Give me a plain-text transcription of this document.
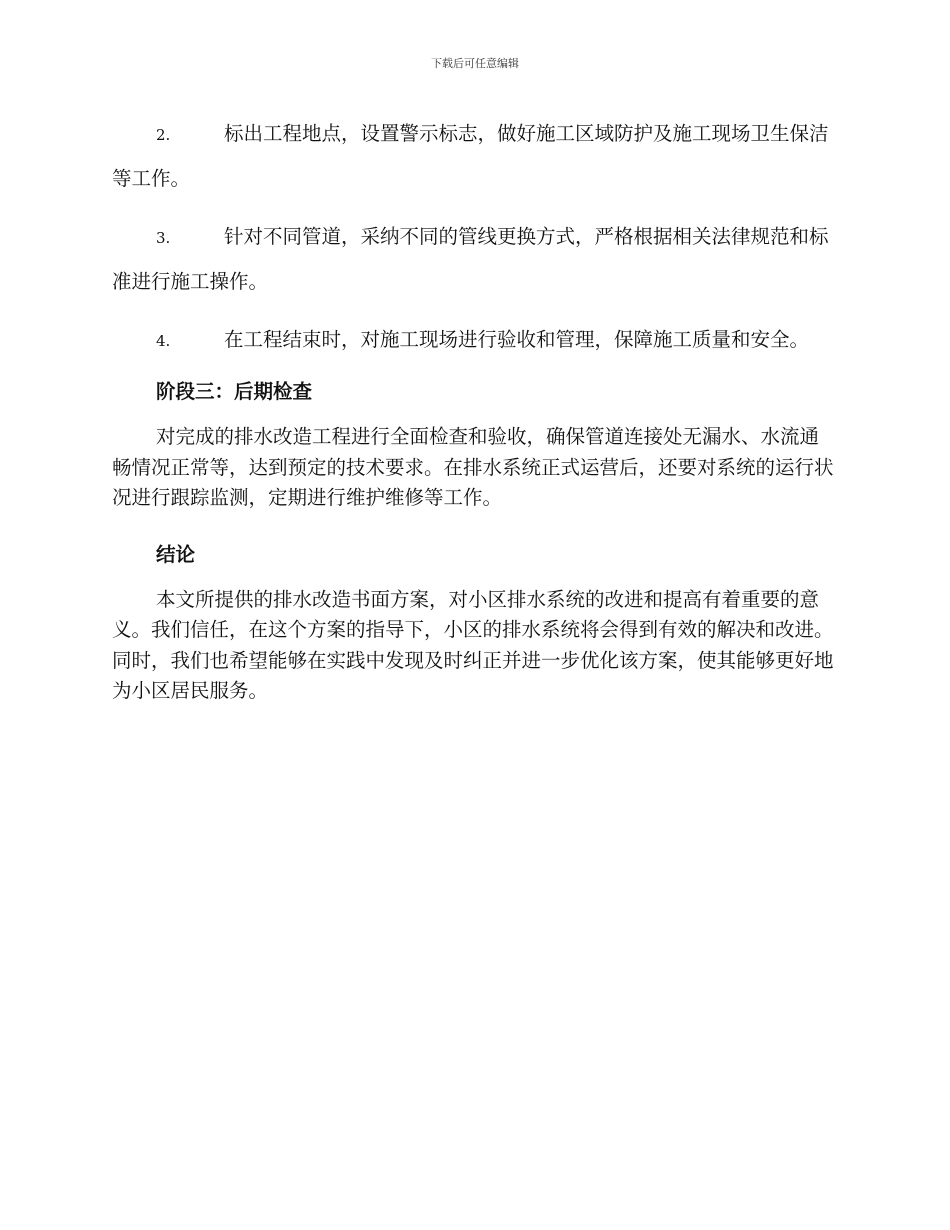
下载后可任意编辑
2.	标出工程地点，设置警示标志，做好施工区域防护及施工现场卫生保洁等工作。
3.	针对不同管道，采纳不同的管线更换方式，严格根据相关法律规范和标准进行施工操作。
4.	在工程结束时，对施工现场进行验收和管理，保障施工质量和安全。
阶段三：后期检查
对完成的排水改造工程进行全面检查和验收，确保管道连接处无漏水、水流通畅情况正常等，达到预定的技术要求。在排水系统正式运营后，还要对系统的运行状况进行跟踪监测，定期进行维护维修等工作。
结论
本文所提供的排水改造书面方案，对小区排水系统的改进和提高有着重要的意义。我们信任，在这个方案的指导下，小区的排水系统将会得到有效的解决和改进。同时，我们也希望能够在实践中发现及时纠正并进一步优化该方案，使其能够更好地为小区居民服务。
